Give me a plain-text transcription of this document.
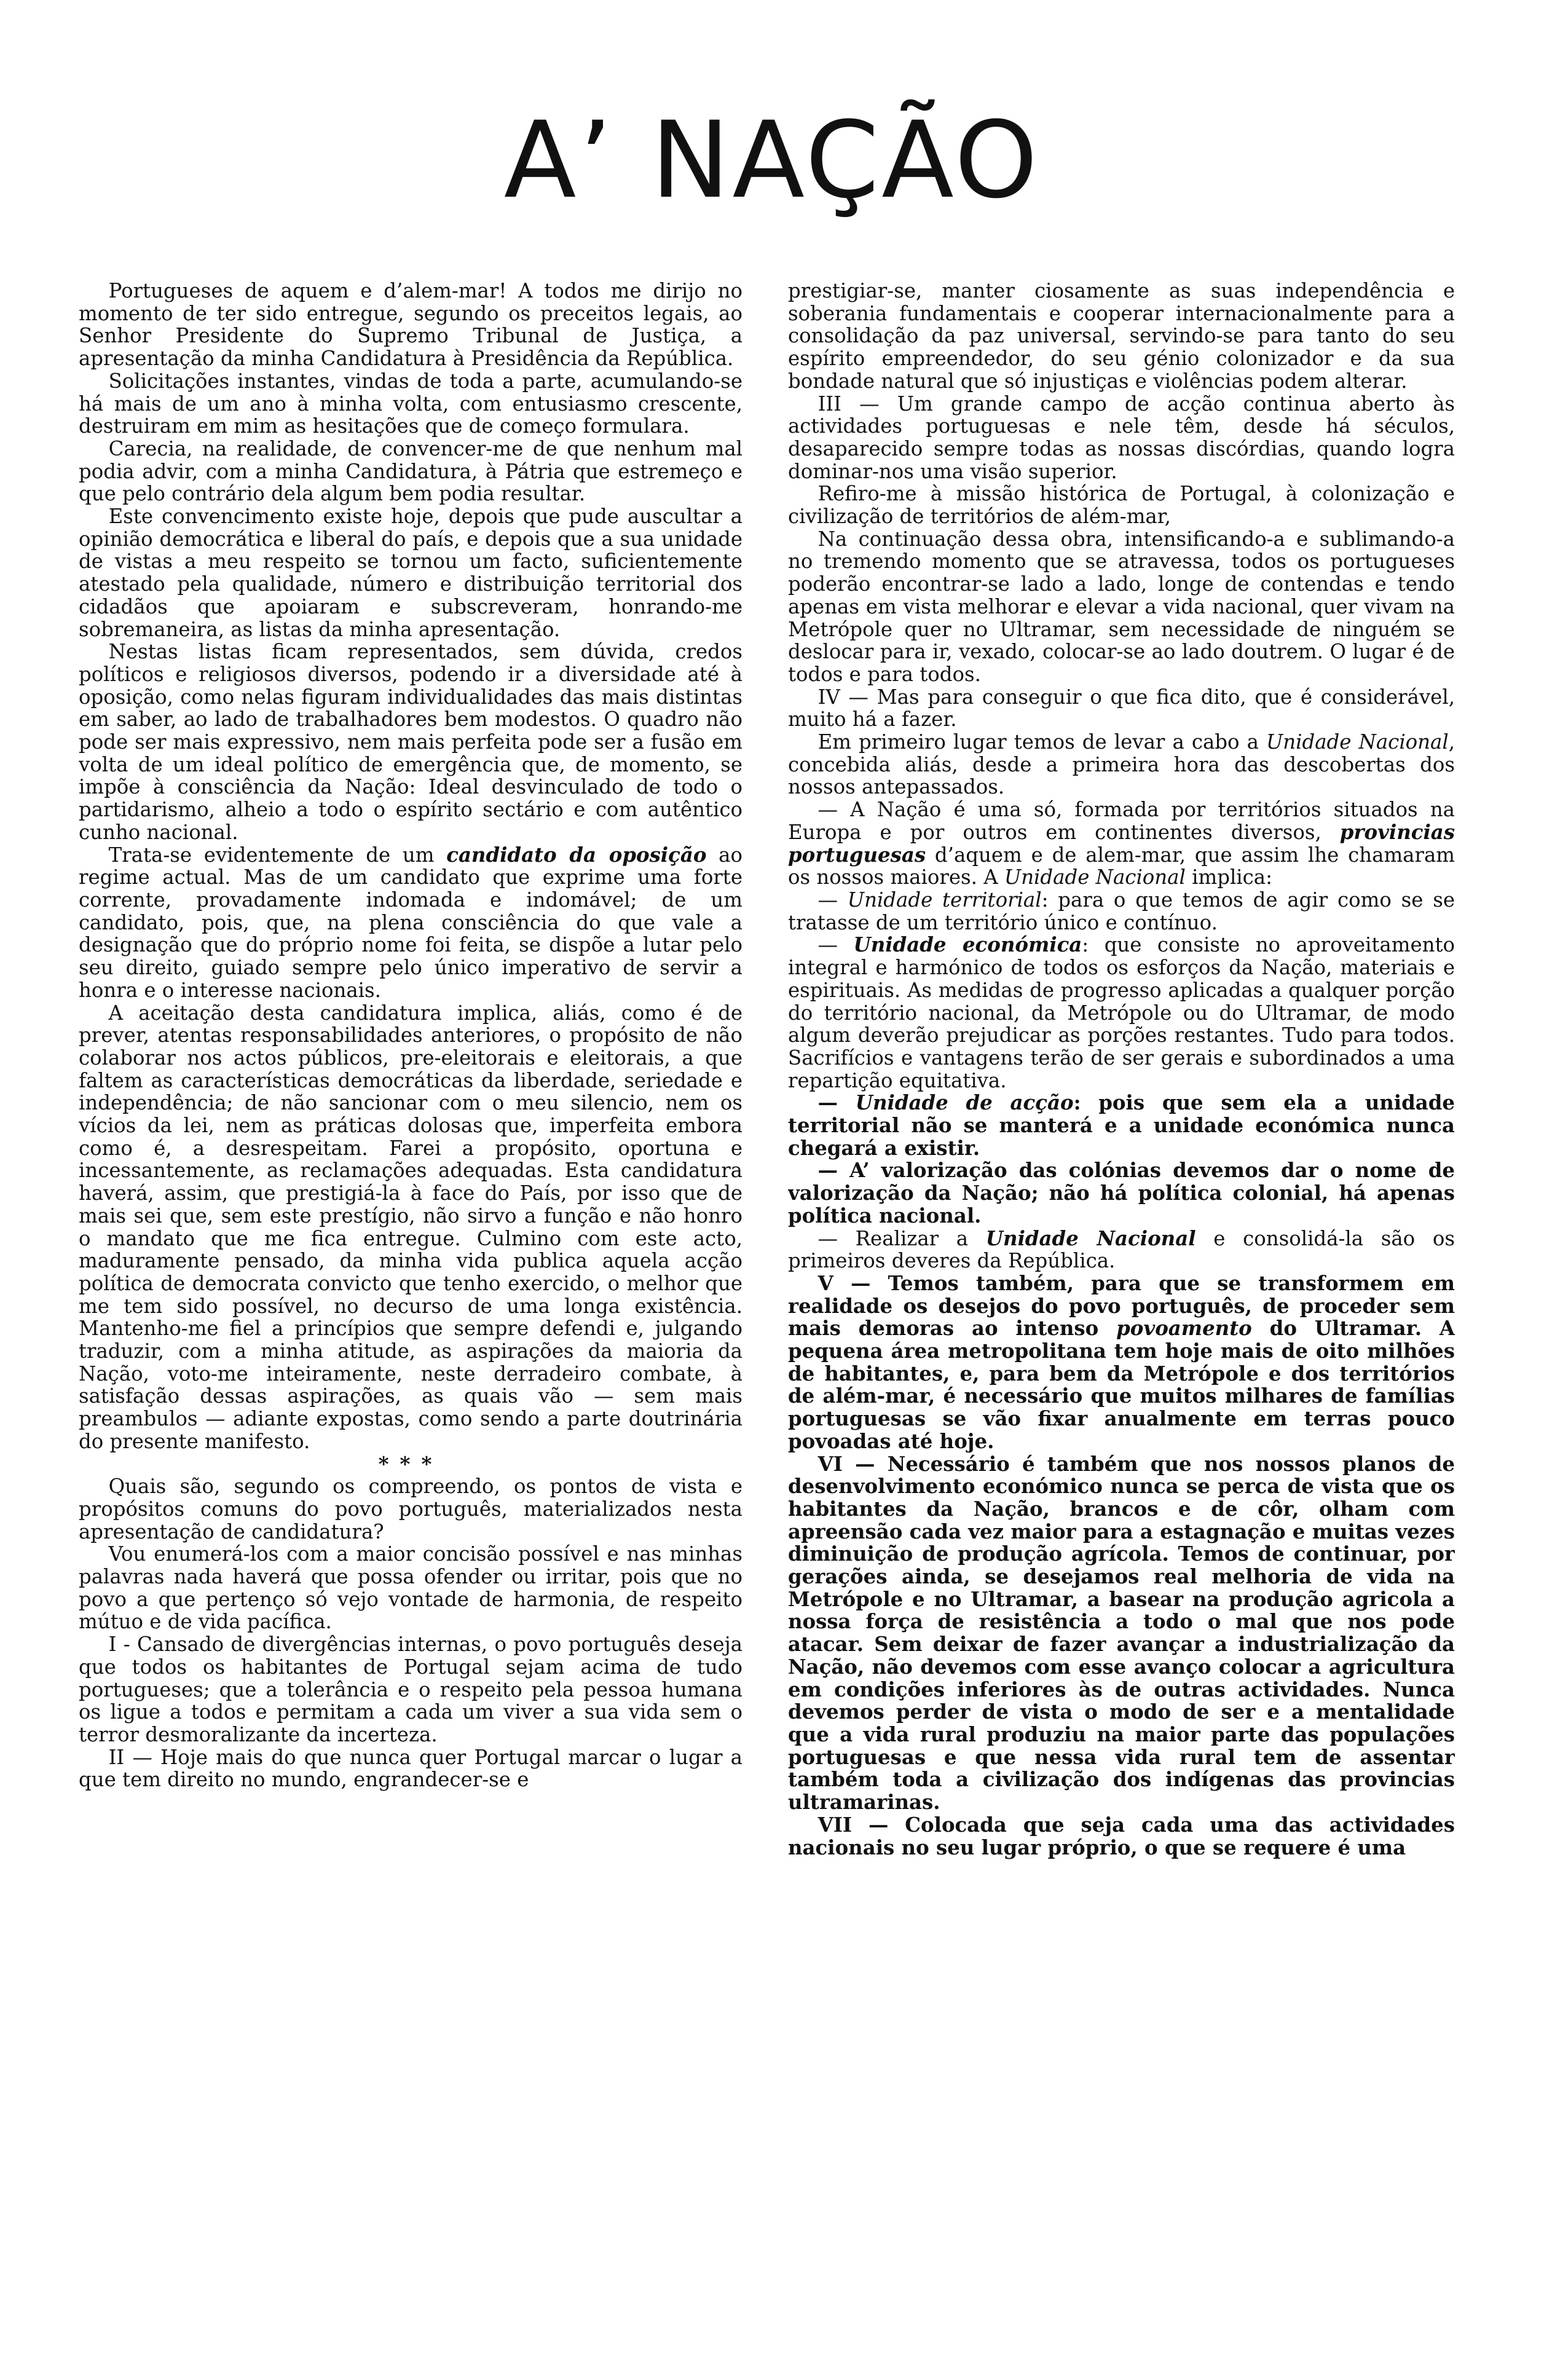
A’ NAÇÃO

Portugueses de aquem e d’alem-mar! A todos me dirijo no momento de ter sido entregue, segundo os preceitos legais, ao Senhor Presidente do Supremo Tribunal de Justiça, a apresentação da minha Candidatura à Presidência da República.

Solicitações instantes, vindas de toda a parte, acumulando-se há mais de um ano à minha volta, com entusiasmo crescente, destruiram em mim as hesitações que de começo formulara.

Carecia, na realidade, de convencer-me de que nenhum mal podia advir, com a minha Candidatura, à Pátria que estremeço e que pelo contrário dela algum bem podia resultar.

Este convencimento existe hoje, depois que pude auscultar a opinião democrática e liberal do país, e depois que a sua unidade de vistas a meu respeito se tornou um facto, suficientemente atestado pela qualidade, número e distribuição territorial dos cidadãos que apoiaram e subscreveram, honrando-me sobremaneira, as listas da minha apresentação.

Nestas listas ficam representados, sem dúvida, credos políticos e religiosos diversos, podendo ir a diversidade até à oposição, como nelas figuram individualidades das mais distintas em saber, ao lado de trabalhadores bem modestos. O quadro não pode ser mais expressivo, nem mais perfeita pode ser a fusão em volta de um ideal político de emergência que, de momento, se impõe à consciência da Nação: Ideal desvinculado de todo o partidarismo, alheio a todo o espírito sectário e com autêntico cunho nacional.

Trata-se evidentemente de um candidato da oposição ao regime actual. Mas de um candidato que exprime uma forte corrente, provadamente indomada e indomável; de um candidato, pois, que, na plena consciência do que vale a designação que do próprio nome foi feita, se dispõe a lutar pelo seu direito, guiado sempre pelo único imperativo de servir a honra e o interesse nacionais.

A aceitação desta candidatura implica, aliás, como é de prever, atentas responsabilidades anteriores, o propósito de não colaborar nos actos públicos, pre-eleitorais e eleitorais, a que faltem as características democráticas da liberdade, seriedade e independência; de não sancionar com o meu silencio, nem os vícios da lei, nem as práticas dolosas que, imperfeita embora como é, a desrespeitam. Farei a propósito, oportuna e incessantemente, as reclamações adequadas. Esta candidatura haverá, assim, que prestigiá-la à face do País, por isso que de mais sei que, sem este prestígio, não sirvo a função e não honro o mandato que me fica entregue. Culmino com este acto, maduramente pensado, da minha vida publica aquela acção política de democrata convicto que tenho exercido, o melhor que me tem sido possível, no decurso de uma longa existência. Mantenho-me fiel a princípios que sempre defendi e, julgando traduzir, com a minha atitude, as aspirações da maioria da Nação, voto-me inteiramente, neste derradeiro combate, à satisfação dessas aspirações, as quais vão — sem mais preambulos — adiante expostas, como sendo a parte doutrinária do presente manifesto.

***

Quais são, segundo os compreendo, os pontos de vista e propósitos comuns do povo português, materializados nesta apresentação de candidatura?

Vou enumerá-los com a maior concisão possível e nas minhas palavras nada haverá que possa ofender ou irritar, pois que no povo a que pertenço só vejo vontade de harmonia, de respeito mútuo e de vida pacífica.

I - Cansado de divergências internas, o povo português deseja que todos os habitantes de Portugal sejam acima de tudo portugueses; que a tolerância e o respeito pela pessoa humana os ligue a todos e permitam a cada um viver a sua vida sem o terror desmoralizante da incerteza.

II — Hoje mais do que nunca quer Portugal marcar o lugar a que tem direito no mundo, engrandecer-se e

prestigiar-se, manter ciosamente as suas independência e soberania fundamentais e cooperar internacionalmente para a consolidação da paz universal, servindo-se para tanto do seu espírito empreendedor, do seu génio colonizador e da sua bondade natural que só injustiças e violências podem alterar.

III — Um grande campo de acção continua aberto às actividades portuguesas e nele têm, desde há séculos, desaparecido sempre todas as nossas discórdias, quando logra dominar-nos uma visão superior.

Refiro-me à missão histórica de Portugal, à colonização e civilização de territórios de além-mar,

Na continuação dessa obra, intensificando-a e sublimando-a no tremendo momento que se atravessa, todos os portugueses poderão encontrar-se lado a lado, longe de contendas e tendo apenas em vista melhorar e elevar a vida nacional, quer vivam na Metrópole quer no Ultramar, sem necessidade de ninguém se deslocar para ir, vexado, colocar-se ao lado doutrem. O lugar é de todos e para todos.

IV — Mas para conseguir o que fica dito, que é considerável, muito há a fazer.

Em primeiro lugar temos de levar a cabo a Unidade Nacional, concebida aliás, desde a primeira hora das descobertas dos nossos antepassados.

— A Nação é uma só, formada por territórios situados na Europa e por outros em continentes diversos, provincias portuguesas d’aquem e de alem-mar, que assim lhe chamaram os nossos maiores. A Unidade Nacional implica:

— Unidade territorial: para o que temos de agir como se se tratasse de um território único e contínuo.

— Unidade económica: que consiste no aproveitamento integral e harmónico de todos os esforços da Nação, materiais e espirituais. As medidas de progresso aplicadas a qualquer porção do território nacional, da Metrópole ou do Ultramar, de modo algum deverão prejudicar as porções restantes. Tudo para todos. Sacrifícios e vantagens terão de ser gerais e subordinados a uma repartição equitativa.

— Unidade de acção: pois que sem ela a unidade territorial não se manterá e a unidade económica nunca chegará a existir.

— A’ valorização das colónias devemos dar o nome de valorização da Nação; não há política colonial, há apenas política nacional.

— Realizar a Unidade Nacional e consolidá-la são os primeiros deveres da República.

V — Temos também, para que se transformem em realidade os desejos do povo português, de proceder sem mais demoras ao intenso povoamento do Ultramar. A pequena área metropolitana tem hoje mais de oito milhões de habitantes, e, para bem da Metrópole e dos territórios de além-mar, é necessário que muitos milhares de famílias portuguesas se vão fixar anualmente em terras pouco povoadas até hoje.

VI — Necessário é também que nos nossos planos de desenvolvimento económico nunca se perca de vista que os habitantes da Nação, brancos e de côr, olham com apreensão cada vez maior para a estagnação e muitas vezes diminuição de produção agrícola. Temos de continuar, por gerações ainda, se desejamos real melhoria de vida na Metrópole e no Ultramar, a basear na produção agricola a nossa força de resistência a todo o mal que nos pode atacar. Sem deixar de fazer avançar a industrialização da Nação, não devemos com esse avanço colocar a agricultura em condições inferiores às de outras actividades. Nunca devemos perder de vista o modo de ser e a mentalidade que a vida rural produziu na maior parte das populações portuguesas e que nessa vida rural tem de assentar também toda a civilização dos indígenas das provincias ultramarinas.

VII — Colocada que seja cada uma das actividades nacionais no seu lugar próprio, o que se requere é uma
